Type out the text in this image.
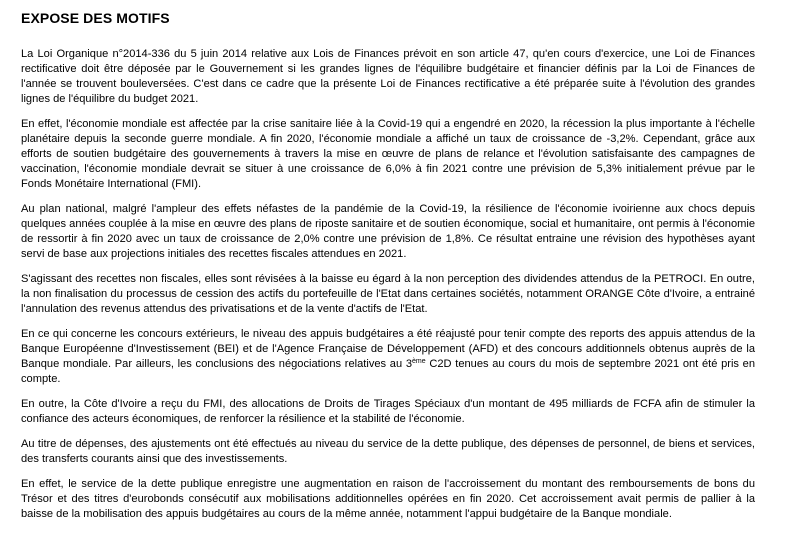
EXPOSE DES MOTIFS

La Loi Organique n°2014-336 du 5 juin 2014 relative aux Lois de Finances prévoit en son article 47, qu'en cours d'exercice, une Loi de Finances rectificative doit être déposée par le Gouvernement si les grandes lignes de l'équilibre budgétaire et financier définis par la Loi de Finances de l'année se trouvent bouleversées. C'est dans ce cadre que la présente Loi de Finances rectificative a été préparée suite à l'évolution des grandes lignes de l'équilibre du budget 2021.

En effet, l'économie mondiale est affectée par la crise sanitaire liée à la Covid-19 qui a engendré en 2020, la récession la plus importante à l'échelle planétaire depuis la seconde guerre mondiale. A fin 2020, l'économie mondiale a affiché un taux de croissance de -3,2%. Cependant, grâce aux efforts de soutien budgétaire des gouvernements à travers la mise en œuvre de plans de relance et l'évolution satisfaisante des campagnes de vaccination, l'économie mondiale devrait se situer à une croissance de 6,0% à fin 2021 contre une prévision de 5,3% initialement prévue par le Fonds Monétaire International (FMI).

Au plan national, malgré l'ampleur des effets néfastes de la pandémie de la Covid-19, la résilience de l'économie ivoirienne aux chocs depuis quelques années couplée à la mise en œuvre des plans de riposte sanitaire et de soutien économique, social et humanitaire, ont permis à l'économie de ressortir à fin 2020 avec un taux de croissance de 2,0% contre une prévision de 1,8%. Ce résultat entraine une révision des hypothèses ayant servi de base aux projections initiales des recettes fiscales attendues en 2021.

S'agissant des recettes non fiscales, elles sont révisées à la baisse eu égard à la non perception des dividendes attendus de la PETROCI. En outre, la non finalisation du processus de cession des actifs du portefeuille de l'Etat dans certaines sociétés, notamment ORANGE Côte d'Ivoire, a entrainé l'annulation des revenus attendus des privatisations et de la vente d'actifs de l'Etat.

En ce qui concerne les concours extérieurs, le niveau des appuis budgétaires a été réajusté pour tenir compte des reports des appuis attendus de la Banque Européenne d'Investissement (BEI) et de l'Agence Française de Développement (AFD) et des concours additionnels obtenus auprès de la Banque mondiale. Par ailleurs, les conclusions des négociations relatives au 3ème C2D tenues au cours du mois de septembre 2021 ont été pris en compte.

En outre, la Côte d'Ivoire a reçu du FMI, des allocations de Droits de Tirages Spéciaux d'un montant de 495 milliards de FCFA afin de stimuler la confiance des acteurs économiques, de renforcer la résilience et la stabilité de l'économie.

Au titre de dépenses, des ajustements ont été effectués au niveau du service de la dette publique, des dépenses de personnel, de biens et services, des transferts courants ainsi que des investissements.

En effet, le service de la dette publique enregistre une augmentation en raison de l'accroissement du montant des remboursements de bons du Trésor et des titres d'eurobonds consécutif aux mobilisations additionnelles opérées en fin 2020. Cet accroissement avait permis de pallier à la baisse de la mobilisation des appuis budgétaires au cours de la même année, notamment l'appui budgétaire de la Banque mondiale.
